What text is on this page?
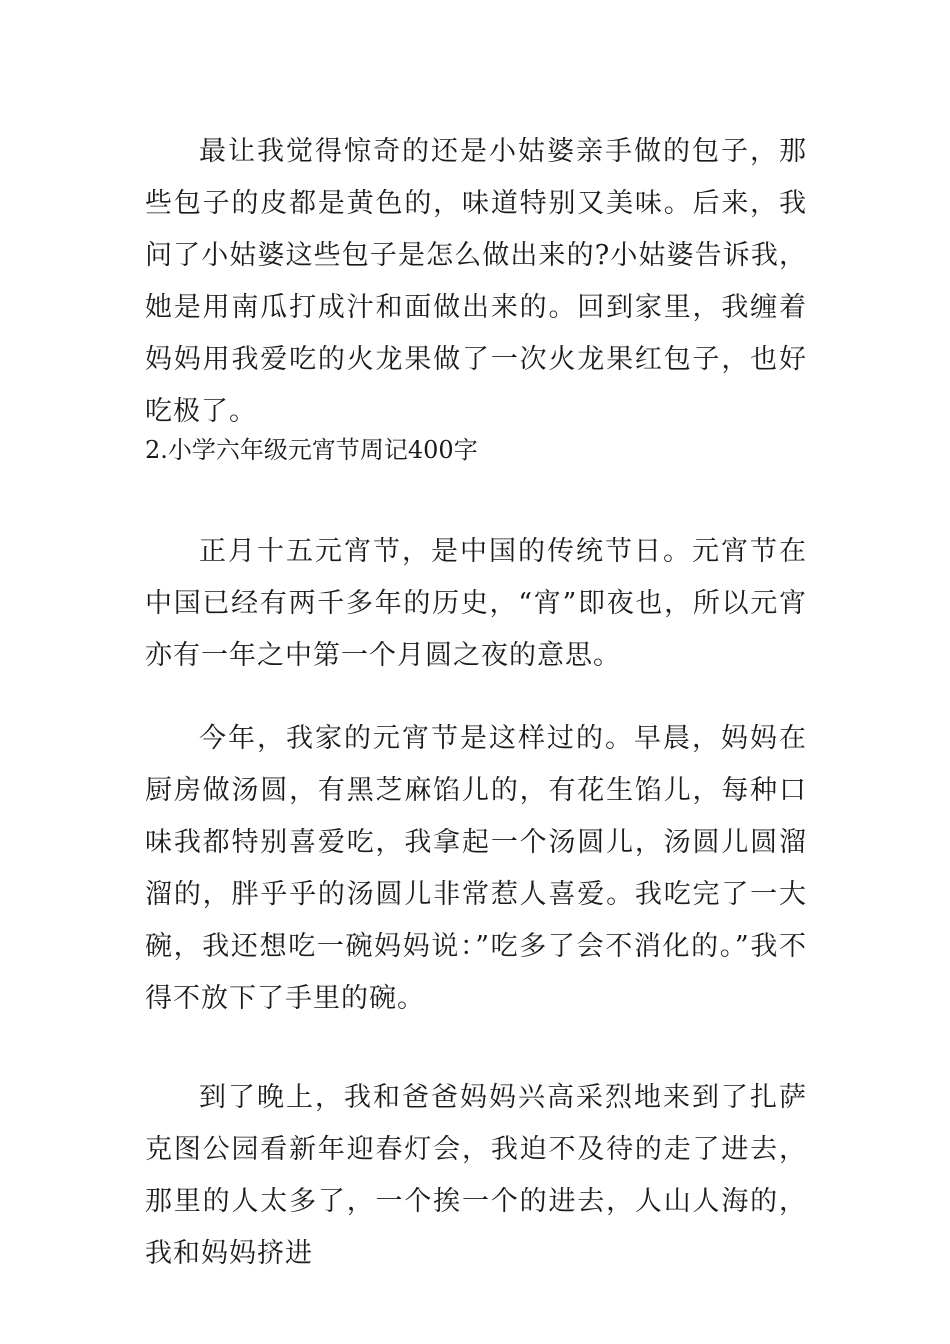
最让我觉得惊奇的还是小姑婆亲手做的包子，那些包子的皮都是黄色的，味道特别又美味。后来，我问了小姑婆这些包子是怎么做出来的?小姑婆告诉我，她是用南瓜打成汁和面做出来的。回到家里，我缠着妈妈用我爱吃的火龙果做了一次火龙果红包子，也好吃极了。

2.小学六年级元宵节周记400字

正月十五元宵节，是中国的传统节日。元宵节在中国已经有两千多年的历史，“宵”即夜也，所以元宵亦有一年之中第一个月圆之夜的意思。

今年，我家的元宵节是这样过的。早晨，妈妈在厨房做汤圆，有黑芝麻馅儿的，有花生馅儿，每种口味我都特别喜爱吃，我拿起一个汤圆儿，汤圆儿圆溜溜的，胖乎乎的汤圆儿非常惹人喜爱。我吃完了一大碗，我还想吃一碗妈妈说：”吃多了会不消化的。”我不得不放下了手里的碗。

到了晚上，我和爸爸妈妈兴高采烈地来到了扎萨克图公园看新年迎春灯会，我迫不及待的走了进去，那里的人太多了，一个挨一个的进去，人山人海的，我和妈妈挤进
